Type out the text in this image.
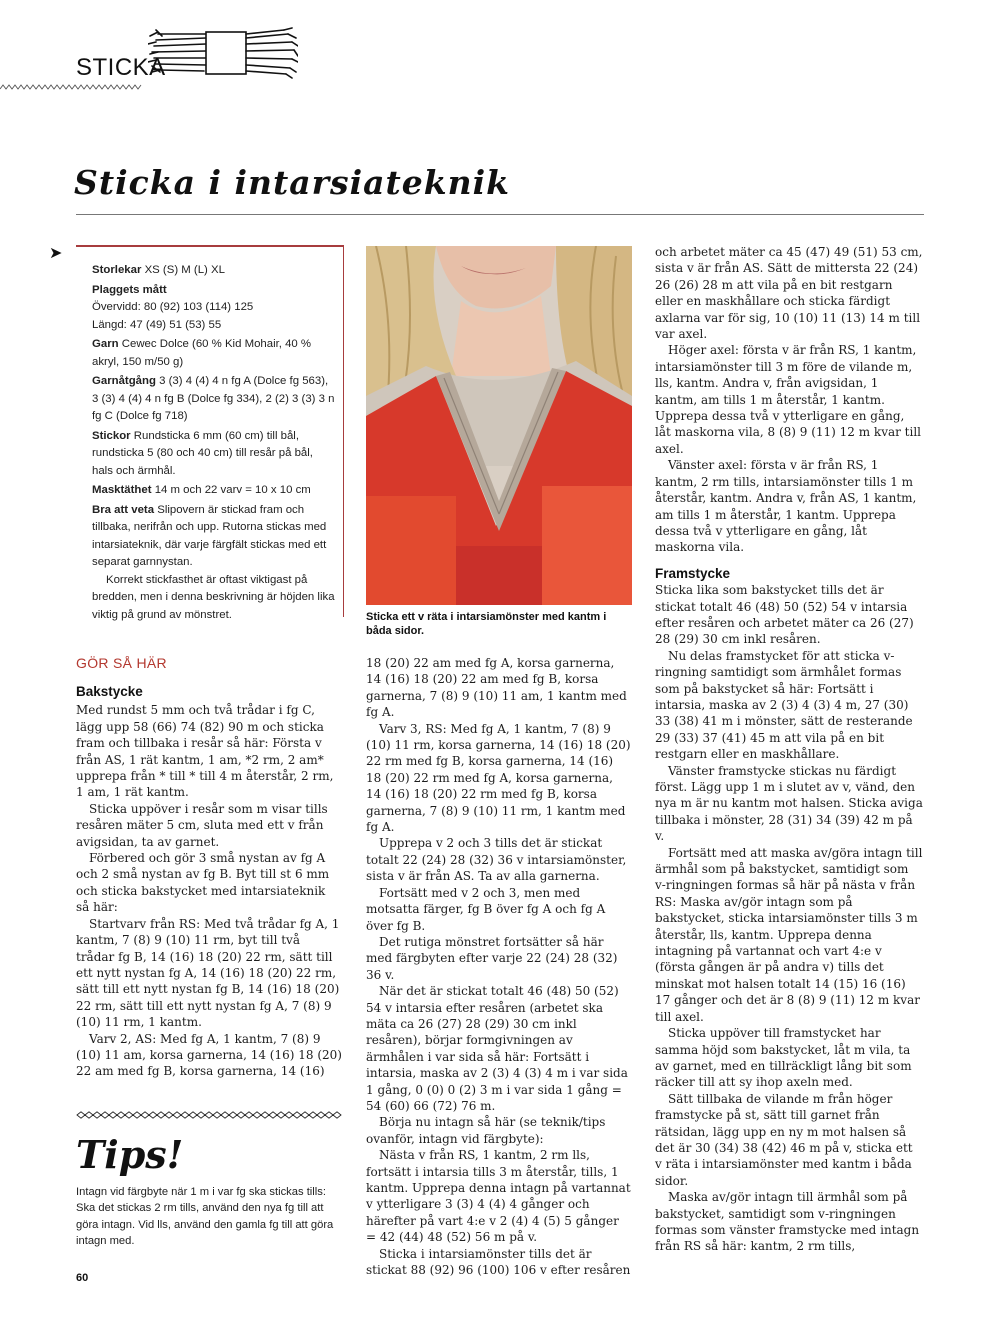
STICKA
Sticka i intarsiateknik
➤
Storlekar XS (S) M (L) XL
Plaggets mått
Övervidd: 80 (92) 103 (114) 125
Längd: 47 (49) 51 (53) 55
Garn Cewec Dolce (60 % Kid Mohair, 40 % akryl, 150 m/50 g)
Garnåtgång 3 (3) 4 (4) 4 n fg A (Dolce fg 563), 3 (3) 4 (4) 4 n fg B (Dolce fg 334), 2 (2) 3 (3) 3 n fg C (Dolce fg 718)
Stickor Rundsticka 6 mm (60 cm) till bål, rundsticka 5 (80 och 40 cm) till resår på bål, hals och ärmhål.
Masktäthet 14 m och 22 varv = 10 x 10 cm
Bra att veta Slipovern är stickad fram och tillbaka, nerifrån och upp. Rutorna stickas med intarsiateknik, där varje färgfält stickas med ett separat garnnystan.
Korrekt stickfasthet är oftast viktigast på bredden, men i denna beskrivning är höjden lika viktig på grund av mönstret.	Sticka ett v räta i intarsiamönster med kantm i båda sidor.
GÖR SÅ HÄR
Bakstycke

Med rundst 5 mm och två trådar i fg C, lägg upp 58 (66) 74 (82) 90 m och sticka fram och tillbaka i resår så här: Första v från AS, 1 rät kantm, 1 am, *2 rm, 2 am* upprepa från * till * till 4 m återstår, 2 rm, 1 am, 1 rät kantm.

Sticka uppöver i resår som m visar tills resåren mäter 5 cm, sluta med ett v från avigsidan, ta av garnet.

Förbered och gör 3 små nystan av fg A och 2 små nystan av fg B. Byt till st 6 mm och sticka bakstycket med intarsiateknik så här:

Startvarv från RS: Med två trådar fg A, 1 kantm, 7 (8) 9 (10) 11 rm, byt till två trådar fg B, 14 (16) 18 (20) 22 rm, sätt till ett nytt nystan fg A, 14 (16) 18 (20) 22 rm, sätt till ett nytt nystan fg B, 14 (16) 18 (20) 22 rm, sätt till ett nytt nystan fg A, 7 (8) 9 (10) 11 rm, 1 kantm.

Varv 2, AS: Med fg A, 1 kantm, 7 (8) 9 (10) 11 am, korsa garnerna, 14 (16) 18 (20) 22 am med fg B, korsa garnerna, 14 (16)

18 (20) 22 am med fg A, korsa garnerna, 14 (16) 18 (20) 22 am med fg B, korsa garnerna, 7 (8) 9 (10) 11 am, 1 kantm med fg A.

Varv 3, RS: Med fg A, 1 kantm, 7 (8) 9 (10) 11 rm, korsa garnerna, 14 (16) 18 (20) 22 rm med fg B, korsa garnerna, 14 (16) 18 (20) 22 rm med fg A, korsa garnerna, 14 (16) 18 (20) 22 rm med fg B, korsa garnerna, 7 (8) 9 (10) 11 rm, 1 kantm med fg A.

Upprepa v 2 och 3 tills det är stickat totalt 22 (24) 28 (32) 36 v intarsiamönster, sista v är från AS. Ta av alla garnerna.

Fortsätt med v 2 och 3, men med motsatta färger, fg B över fg A och fg A över fg B.

Det rutiga mönstret fortsätter så här med färgbyten efter varje 22 (24) 28 (32) 36 v.

När det är stickat totalt 46 (48) 50 (52) 54 v intarsia efter resåren (arbetet ska mäta ca 26 (27) 28 (29) 30 cm inkl resåren), börjar formgivningen av ärmhålen i var sida så här: Fortsätt i intarsia, maska av 2 (3) 4 (3) 4 m i var sida 1 gång, 0 (0) 0 (2) 3 m i var sida 1 gång = 54 (60) 66 (72) 76 m.

Börja nu intagn så här (se teknik/tips ovanför, intagn vid färgbyte):

Nästa v från RS, 1 kantm, 2 rm lls, fortsätt i intarsia tills 3 m återstår, tills, 1 kantm. Upprepa denna intagn på vartannat v ytterligare 3 (3) 4 (4) 4 gånger och härefter på vart 4:e v 2 (4) 4 (5) 5 gånger = 42 (44) 48 (52) 56 m på v.

Sticka i intarsiamönster tills det är stickat 88 (92) 96 (100) 106 v efter resåren

och arbetet mäter ca 45 (47) 49 (51) 53 cm, sista v är från AS. Sätt de mittersta 22 (24) 26 (26) 28 m att vila på en bit restgarn eller en maskhållare och sticka färdigt axlarna var för sig, 10 (10) 11 (13) 14 m till var axel.

Höger axel: första v är från RS, 1 kantm, intarsiamönster till 3 m före de vilande m, lls, kantm. Andra v, från avigsidan, 1 kantm, am tills 1 m återstår, 1 kantm. Upprepa dessa två v ytterligare en gång, låt maskorna vila, 8 (8) 9 (11) 12 m kvar till axel.

Vänster axel: första v är från RS, 1 kantm, 2 rm tills, intarsiamönster tills 1 m återstår, kantm. Andra v, från AS, 1 kantm, am tills 1 m återstår, 1 kantm. Upprepa dessa två v ytterligare en gång, låt maskorna vila.

Framstycke

Sticka lika som bakstycket tills det är stickat totalt 46 (48) 50 (52) 54 v intarsia efter resåren och arbetet mäter ca 26 (27) 28 (29) 30 cm inkl resåren.

Nu delas framstycket för att sticka v-ringning samtidigt som ärmhålet formas som på bakstycket så här: Fortsätt i intarsia, maska av 2 (3) 4 (3) 4 m, 27 (30) 33 (38) 41 m i mönster, sätt de resterande 29 (33) 37 (41) 45 m att vila på en bit restgarn eller en maskhållare.

Vänster framstycke stickas nu färdigt först. Lägg upp 1 m i slutet av v, vänd, den nya m är nu kantm mot halsen. Sticka aviga tillbaka i mönster, 28 (31) 34 (39) 42 m på v.

Fortsätt med att maska av/göra intagn till ärmhål som på bakstycket, samtidigt som v-ringningen formas så här på nästa v från RS: Maska av/gör intagn som på bakstycket, sticka intarsiamönster tills 3 m återstår, lls, kantm. Upprepa denna intagning på vartannat och vart 4:e v (första gången är på andra v) tills det minskat mot halsen totalt 14 (15) 16 (16) 17 gånger och det är 8 (8) 9 (11) 12 m kvar till axel.

Sticka uppöver till framstycket har samma höjd som bakstycket, låt m vila, ta av garnet, med en tillräckligt lång bit som räcker till att sy ihop axeln med.

Sätt tillbaka de vilande m från höger framstycke på st, sätt till garnet från rätsidan, lägg upp en ny m mot halsen så det är 30 (34) 38 (42) 46 m på v, sticka ett v räta i intarsiamönster med kantm i båda sidor.

Maska av/gör intagn till ärmhål som på bakstycket, samtidigt som v-ringningen formas som vänster framstycke med intagn från RS så här: kantm, 2 rm tills,

Tips!
Intagn vid färgbyte när 1 m i var fg ska stickas tills: Ska det stickas 2 rm tills, använd den nya fg till att göra intagn. Vid lls, använd den gamla fg till att göra intagn med.
60
